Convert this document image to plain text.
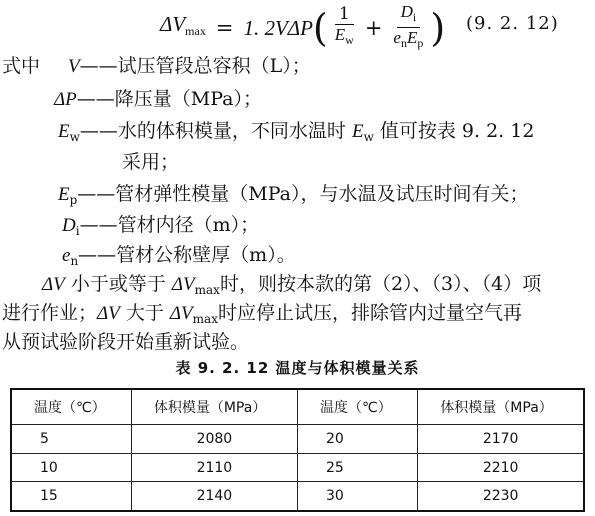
$\Delta V_{max} = 1$. 2VΔP ( $\frac{1}{E_w} + \frac{D_i}{e_nE_p}$ ) (9. 2. 12)
式中 V——试压管段总容积（L）；
ΔP——降压量（MPa）；
$E_w——$水的体积模量，不同水温时 $E_w$ 值可按表 9. 2. 12
采用；
$E_p——$管材弹性模量（MPa），与水温及试压时间有关；
$D_i——$管材内径（m）；
$e_n——$管材公称壁厚（m）。
ΔV 小于或等于 $\Delta V_{max}$时，则按本款的第（2）、（3）、（4）项
进行作业；ΔV 大于 $\Delta V_{max}$时应停止试压，排除管内过量空气再
从预试验阶段开始重新试验。
表 9. 2. 12 温度与体积模量关系
温度（℃）	体积模量（MPa）	温度（℃）	体积模量（MPa）
5	2080	20	2170
10	2110	25	2210
15	2140	30	2230
